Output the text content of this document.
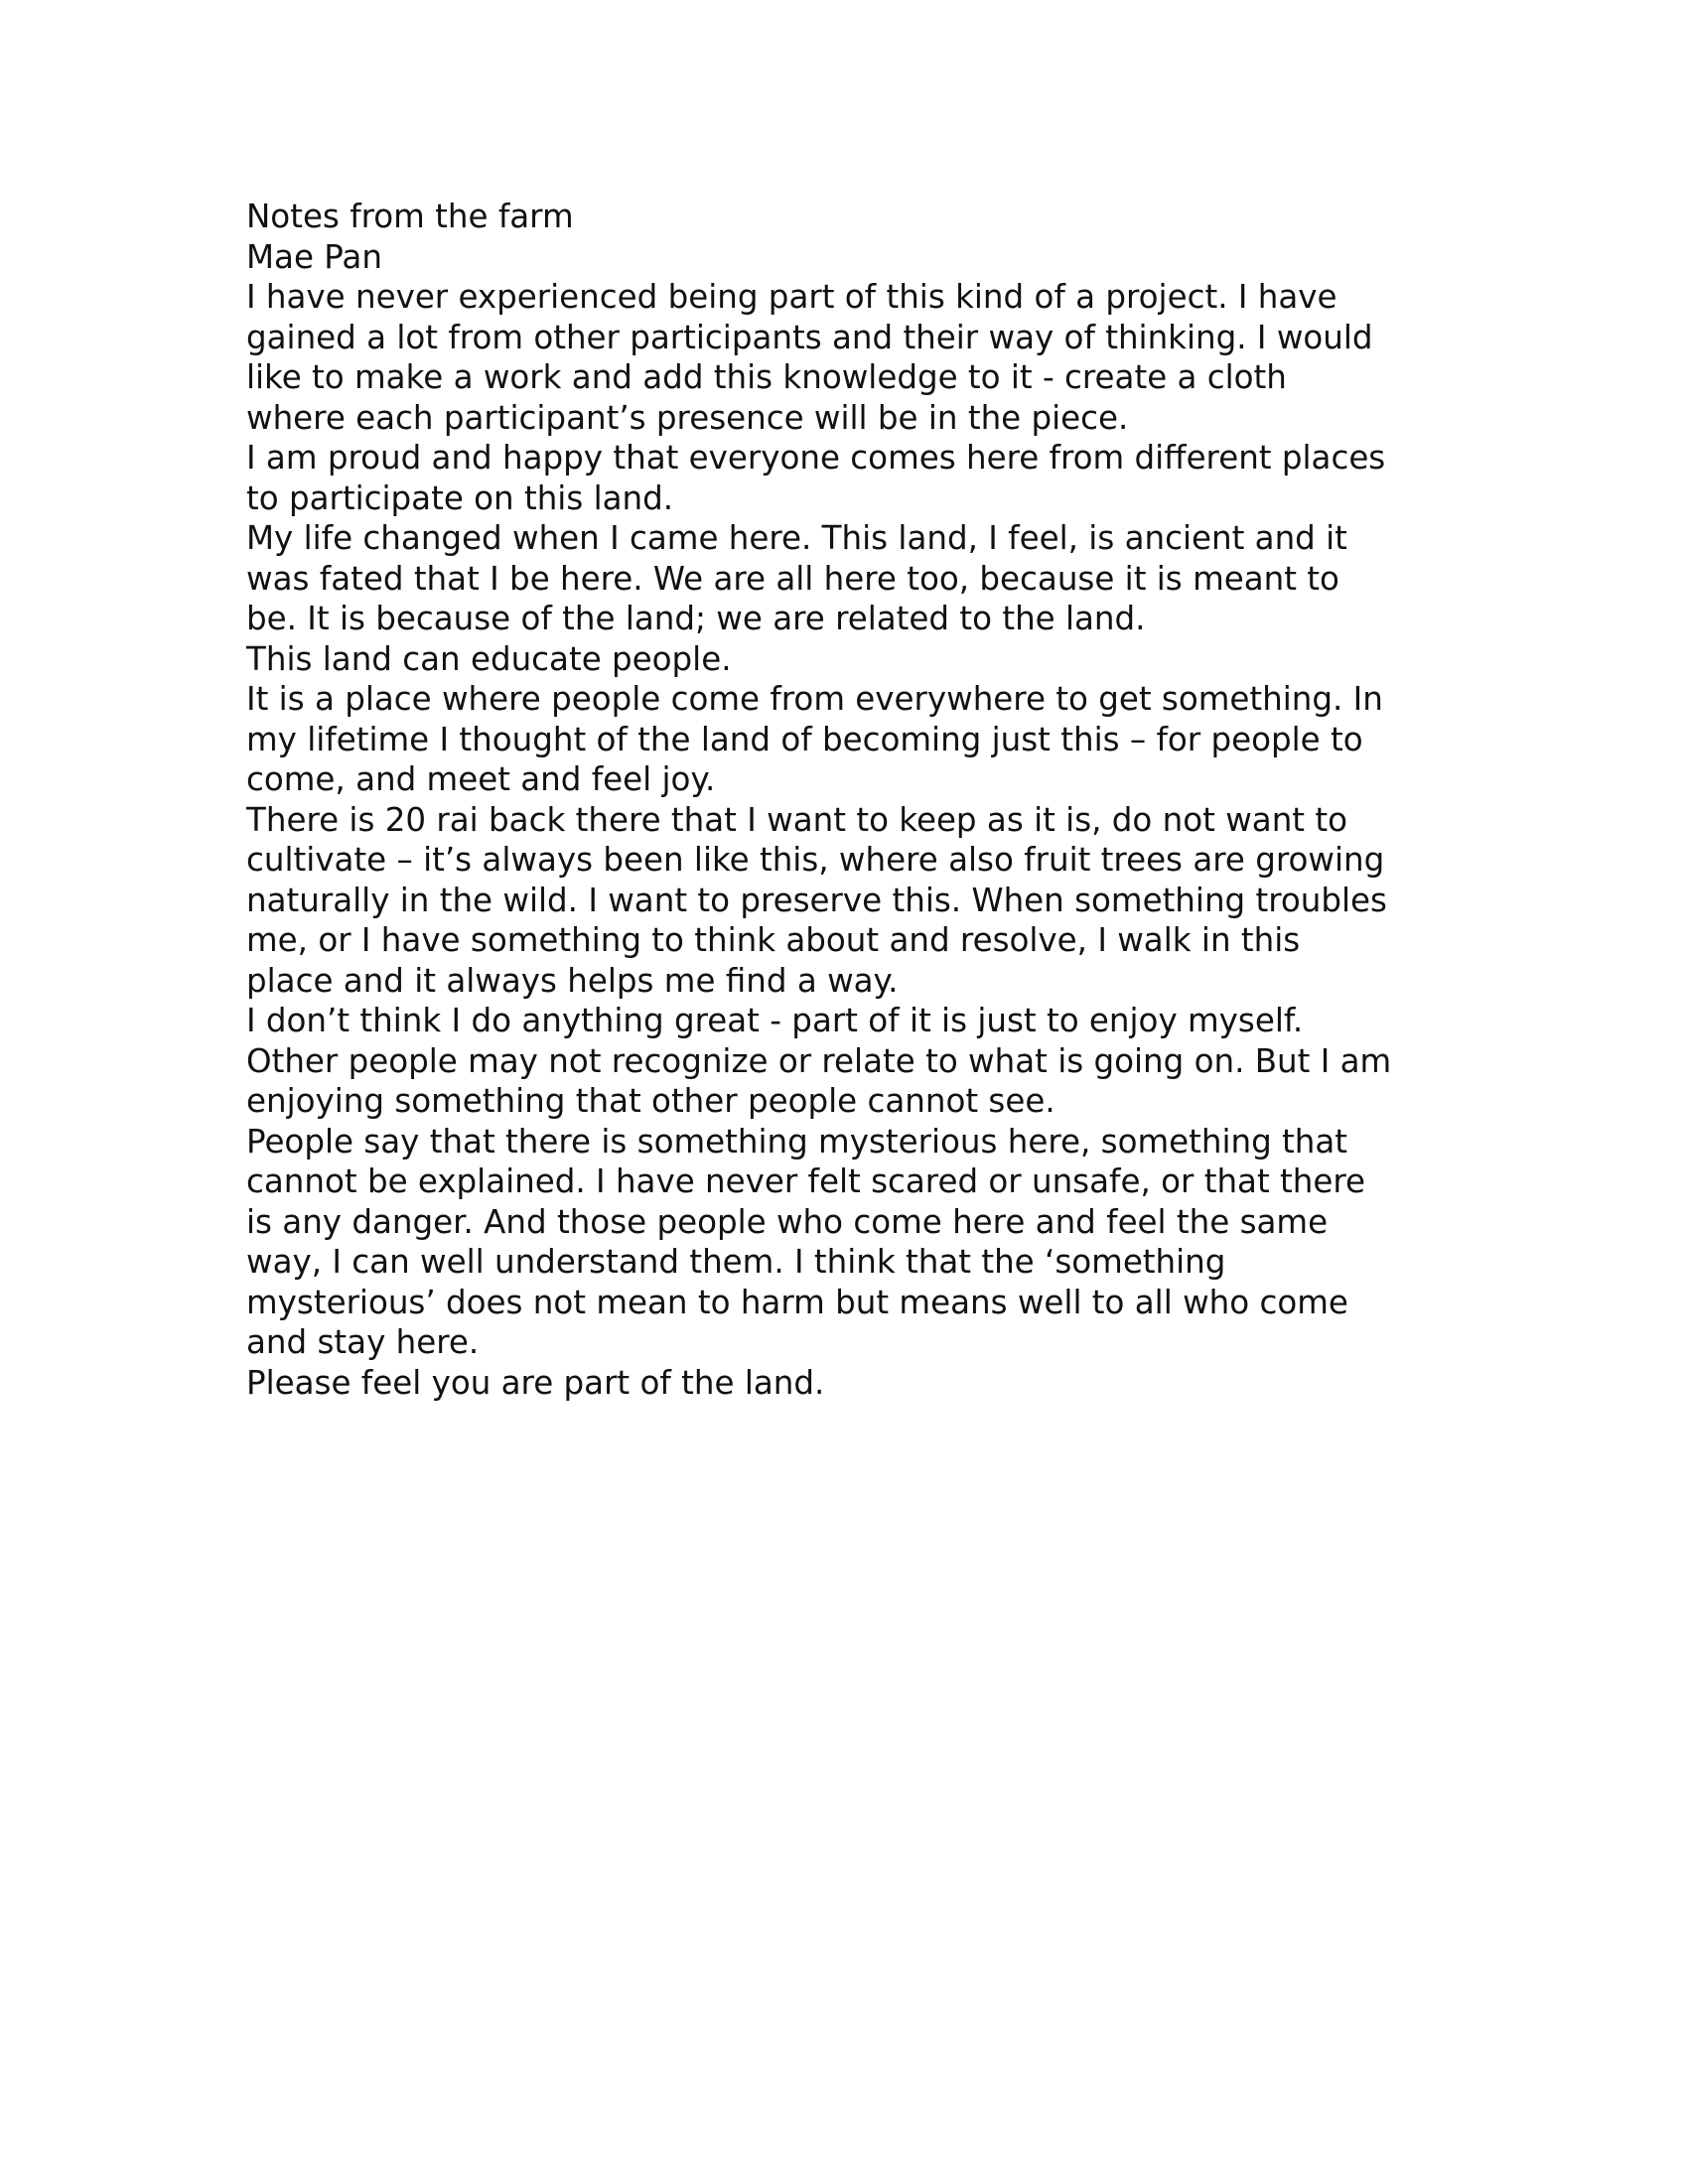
Notes from the farm

Mae Pan

I have never experienced being part of this kind of a project. I have
gained a lot from other participants and their way of thinking. I would
like to make a work and add this knowledge to it - create a cloth
where each participant’s presence will be in the piece.

I am proud and happy that everyone comes here from different places
to participate on this land.

My life changed when I came here. This land, I feel, is ancient and it
was fated that I be here. We are all here too, because it is meant to
be. It is because of the land; we are related to the land.

This land can educate people.

It is a place where people come from everywhere to get something. In
my lifetime I thought of the land of becoming just this – for people to
come, and meet and feel joy.

There is 20 rai back there that I want to keep as it is, do not want to
cultivate – it’s always been like this, where also fruit trees are growing
naturally in the wild. I want to preserve this. When something troubles
me, or I have something to think about and resolve, I walk in this
place and it always helps me find a way.

I don’t think I do anything great - part of it is just to enjoy myself.
Other people may not recognize or relate to what is going on. But I am
enjoying something that other people cannot see.

People say that there is something mysterious here, something that
cannot be explained. I have never felt scared or unsafe, or that there
is any danger. And those people who come here and feel the same
way, I can well understand them. I think that the ‘something
mysterious’ does not mean to harm but means well to all who come
and stay here.

Please feel you are part of the land.
